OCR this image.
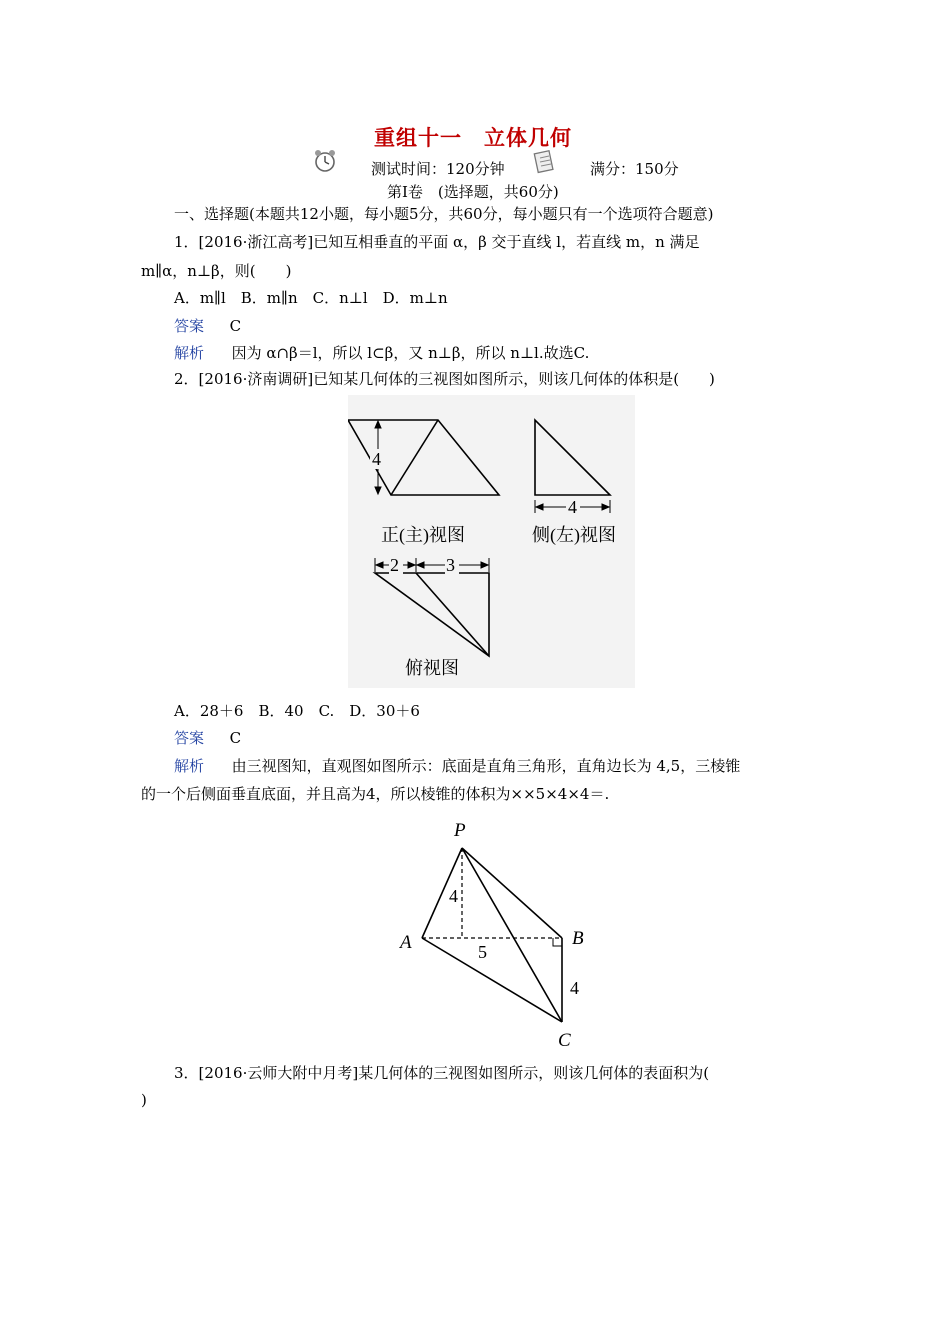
重组十一　立体几何
测试时间：120分钟	满分：150分
第Ⅰ卷　(选择题，共60分)
一、选择题(本题共12小题，每小题5分，共60分，每小题只有一个选项符合题意)
1．[2016·浙江高考]已知互相垂直的平面 α，β 交于直线 l，若直线 m，n 满足
m∥α，n⊥β，则(　　)
A．m∥l　B．m∥n　C．n⊥l　D．m⊥n
答案 C
解析 因为 α∩β＝l，所以 l⊂β，又 n⊥β，所以 n⊥l.故选C.
2．[2016·济南调研]已知某几何体的三视图如图所示，则该几何体的体积是(　　)
4
4
2	3
正(主)视图	侧(左)视图
俯视图
A．28＋6　B．40　C.　D．30＋6
答案 C
解析 由三视图知，直观图如图所示：底面是直角三角形，直角边长为 4,5，三棱锥
的一个后侧面垂直底面，并且高为4，所以棱锥的体积为××5×4×4＝.
P
A	B
C
4
5
4
3．[2016·云师大附中月考]某几何体的三视图如图所示，则该几何体的表面积为(
)
